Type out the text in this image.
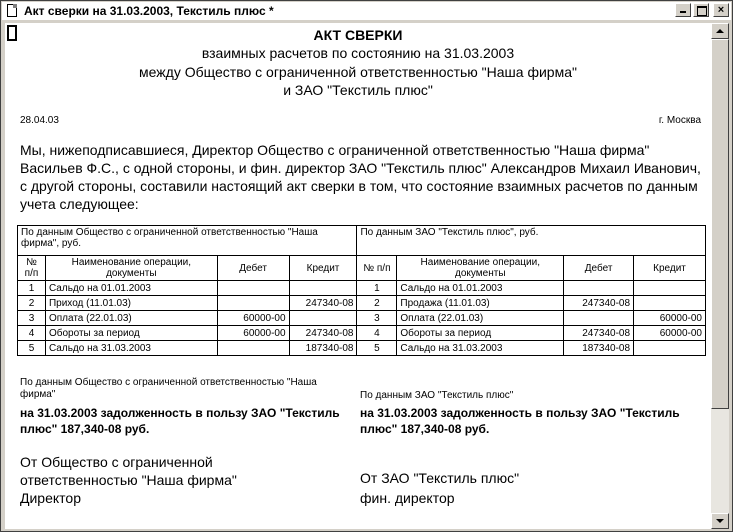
Акт сверки на 31.03.2003, Текстиль плюс *	×
АКТ СВЕРКИ
взаимных расчетов по состоянию на 31.03.2003
между Общество с ограниченной ответственностью "Наша фирма"
и ЗАО "Текстиль плюс"
28.04.03	г. Москва
Мы, нижеподписавшиеся, Директор Общество с ограниченной ответственностью "Наша фирма" Васильев Ф.С., с одной стороны, и фин. директор ЗАО "Текстиль плюс" Александров Михаил Иванович, с другой стороны, составили настоящий акт сверки в том, что состояние взаимных расчетов по данным учета следующее:
По данным Общество с ограниченной ответственностью "Наша фирма", руб.				По данным ЗАО "Текстиль плюс", руб.			
№ п/п	Наименование операции, документы	Дебет	Кредит	№ п/п	Наименование операции, документы	Дебет	Кредит
1	Сальдо на 01.01.2003			1	Сальдо на 01.01.2003		
2	Приход (11.01.03)		247340-08	2	Продажа (11.01.03)	247340-08	
3	Оплата (22.01.03)	60000-00		3	Оплата (22.01.03)		60000-00
4	Обороты за период	60000-00	247340-08	4	Обороты за период	247340-08	60000-00
5	Сальдо на 31.03.2003		187340-08	5	Сальдо на 31.03.2003	187340-08	
По данным Общество с ограниченной ответственностью "Наша фирма"	По данным ЗАО "Текстиль плюс"
на 31.03.2003 задолженность в пользу ЗАО "Текстиль плюс" 187,340-08 руб.
на 31.03.2003 задолженность в пользу ЗАО "Текстиль плюс" 187,340-08 руб.
От Общество с ограниченной ответственностью "Наша фирма"	От ЗАО "Текстиль плюс"
Директор	фин. директор
